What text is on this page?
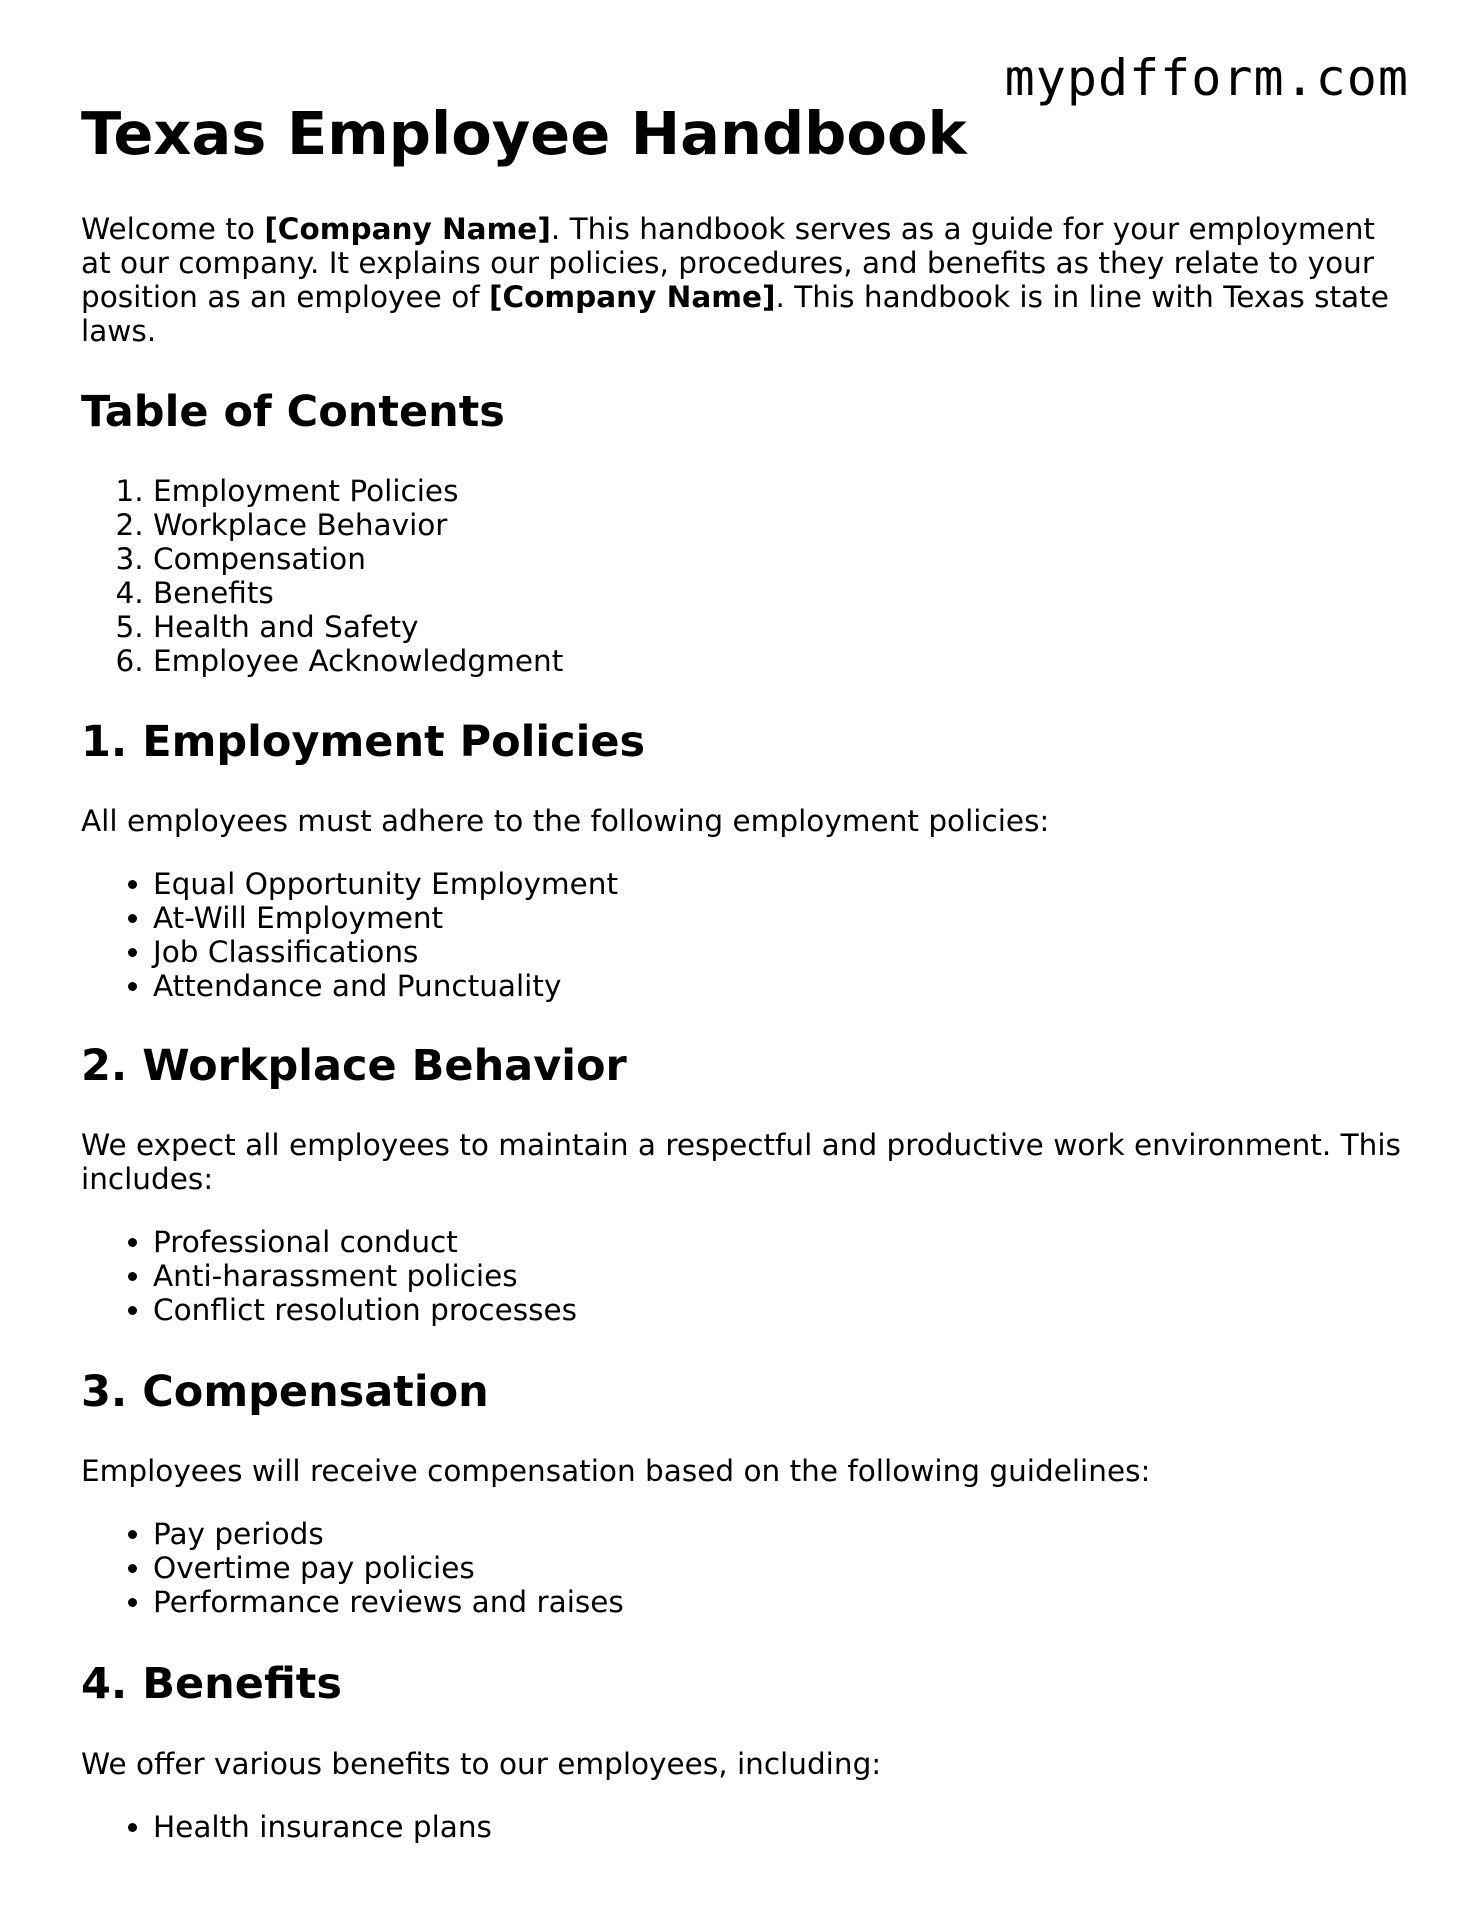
mypdfform.com
Texas Employee Handbook

Welcome to [Company Name]. This handbook serves as a guide for your employment at our company. It explains our policies, procedures, and benefits as they relate to your position as an employee of [Company Name]. This handbook is in line with Texas state laws.

Table of Contents
1. Employment Policies
2. Workplace Behavior
3. Compensation
4. Benefits
5. Health and Safety
6. Employee Acknowledgment
1. Employment Policies

All employees must adhere to the following employment policies:

• Equal Opportunity Employment
• At-Will Employment
• Job Classifications
• Attendance and Punctuality
2. Workplace Behavior

We expect all employees to maintain a respectful and productive work environment. This includes:

• Professional conduct
• Anti-harassment policies
• Conflict resolution processes
3. Compensation

Employees will receive compensation based on the following guidelines:

• Pay periods
• Overtime pay policies
• Performance reviews and raises
4. Benefits

We offer various benefits to our employees, including:

• Health insurance plans
